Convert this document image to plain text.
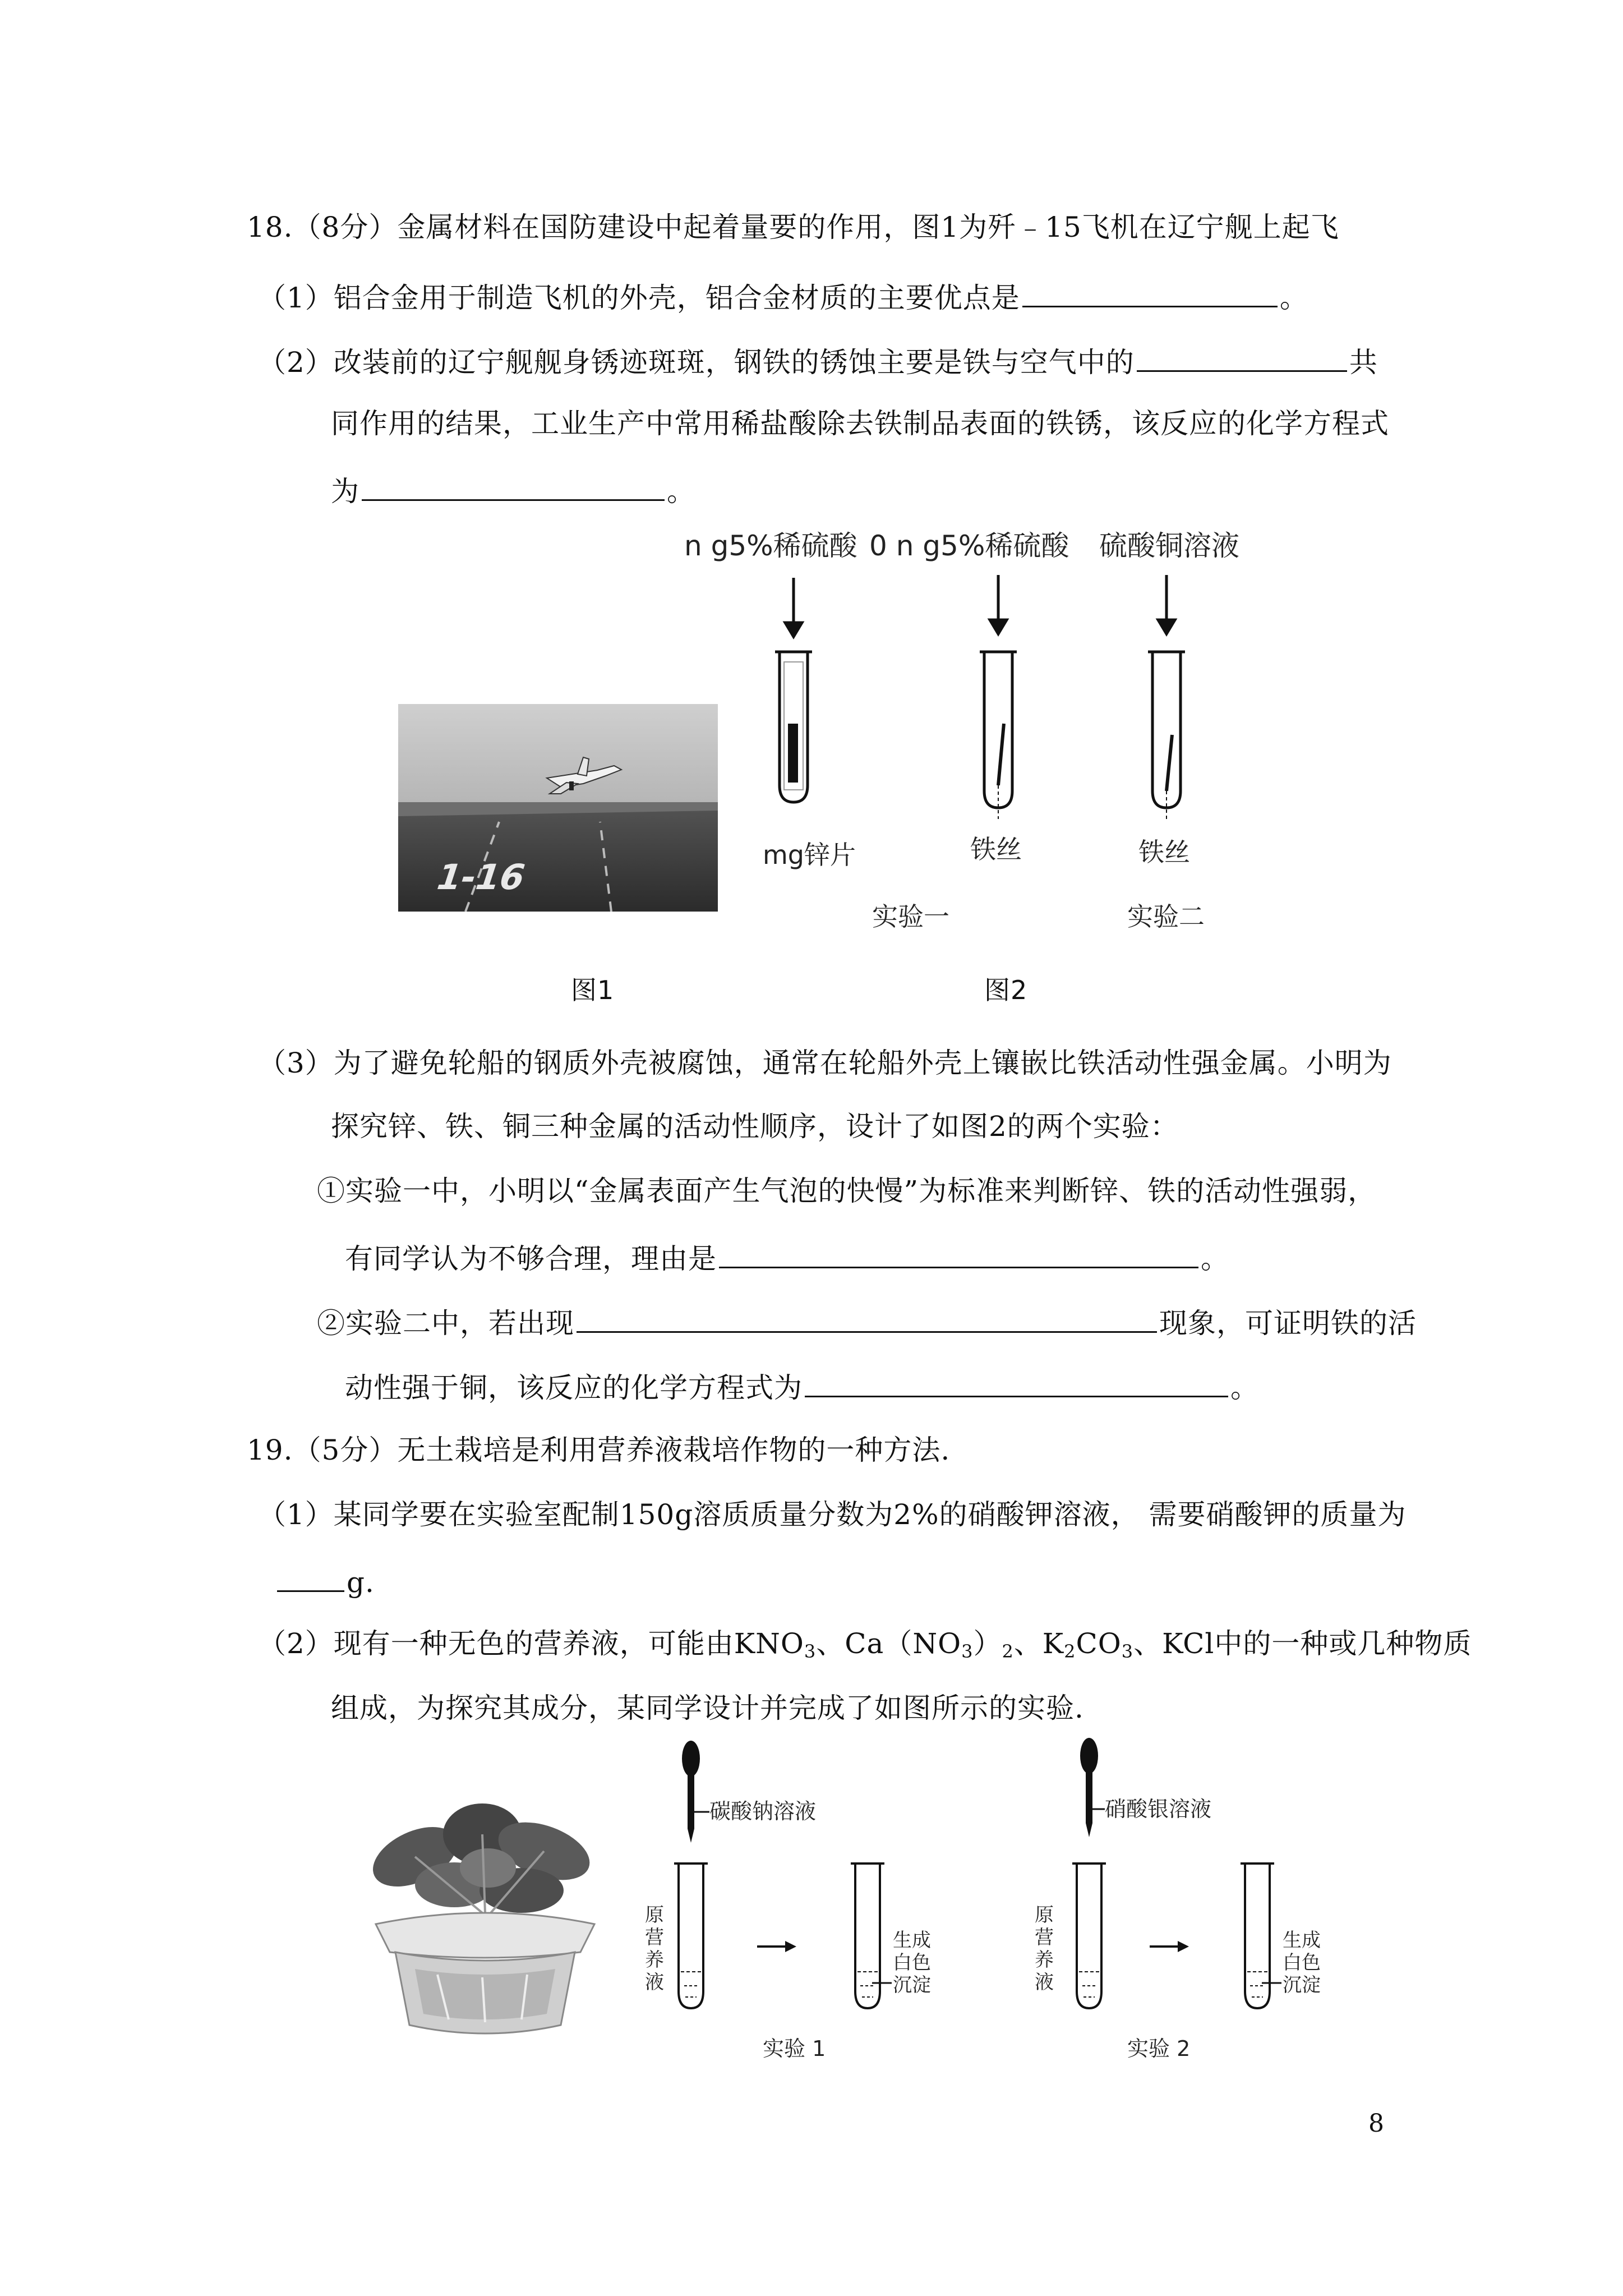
18.（8分）金属材料在国防建设中起着量要的作用，图1为歼﹣15飞机在辽宁舰上起飞
（1）铝合金用于制造飞机的外壳，铝合金材质的主要优点是	。
（2）改装前的辽宁舰舰身锈迹斑斑，钢铁的锈蚀主要是铁与空气中的	共
同作用的结果，工业生产中常用稀盐酸除去铁制品表面的铁锈，该反应的化学方程式
为	。
1-16
图1
n g5%稀硫酸 0 n g5%稀硫酸 硫酸铜溶液
mg锌片	铁丝	铁丝
实验一	实验二
图2
（3）为了避免轮船的钢质外壳被腐蚀，通常在轮船外壳上镶嵌比铁活动性强金属。小明为
探究锌、铁、铜三种金属的活动性顺序，设计了如图2的两个实验：
①实验一中，小明以“金属表面产生气泡的快慢”为标准来判断锌、铁的活动性强弱，
有同学认为不够合理，理由是	。
②实验二中，若出现	现象，可证明铁的活
动性强于铜，该反应的化学方程式为	。
19.（5分）无土栽培是利用营养液栽培作物的一种方法.
（1）某同学要在实验室配制150g溶质质量分数为2%的硝酸钾溶液， 需要硝酸钾的质量为
g.
（2）现有一种无色的营养液，可能由$KNO_3$、$Ca(NO_3)_2$、$K_2CO_3$、KCl中的一种或几种物质
组成，为探究其成分，某同学设计并完成了如图所示的实验.
碳酸钠溶液
原
营
养
液
生成
白色
沉淀
实验 1
硝酸银溶液
原
营
养
液
生成
白色
沉淀
实验 2
8
